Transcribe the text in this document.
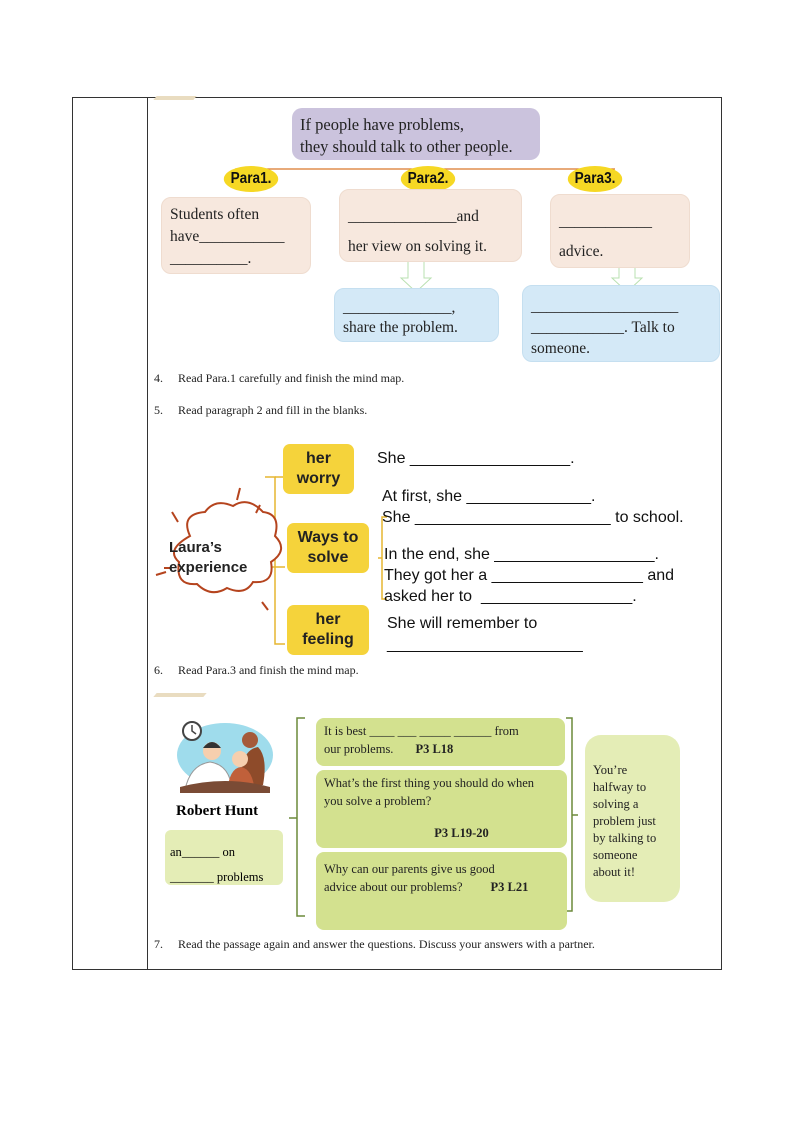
If people have problems,
they should talk to other people.
Para1.	Para2.	Para3.
Students often
have___________
__________.
______________and
her view on solving it.
____________
advice.
______________,
share the problem.
___________________
____________. Talk to
someone.
4. Read Para.1 carefully and finish the mind map.
5. Read paragraph 2 and fill in the blanks.
Laura’s
experience
her
worry
Ways to
solve
her
feeling
She __________________.
At first, she ______________.
She ______________________ to school.
In the end, she __________________.
They got her a _________________ and
asked her to  _________________.
She will remember to
______________________
6. Read Para.3 and finish the mind map.
Robert Hunt
an______ on
_______ problems
It is best ____ ___ _____ ______ from
our problems. P3 L18
What’s the first thing you should do when
you solve a problem?
P3 L19-20
Why can our parents give us good
advice about our problems? P3 L21
You’re
halfway to
solving a
problem just
by talking to
someone
about it!
7. Read the passage again and answer the questions. Discuss your answers with a partner.
